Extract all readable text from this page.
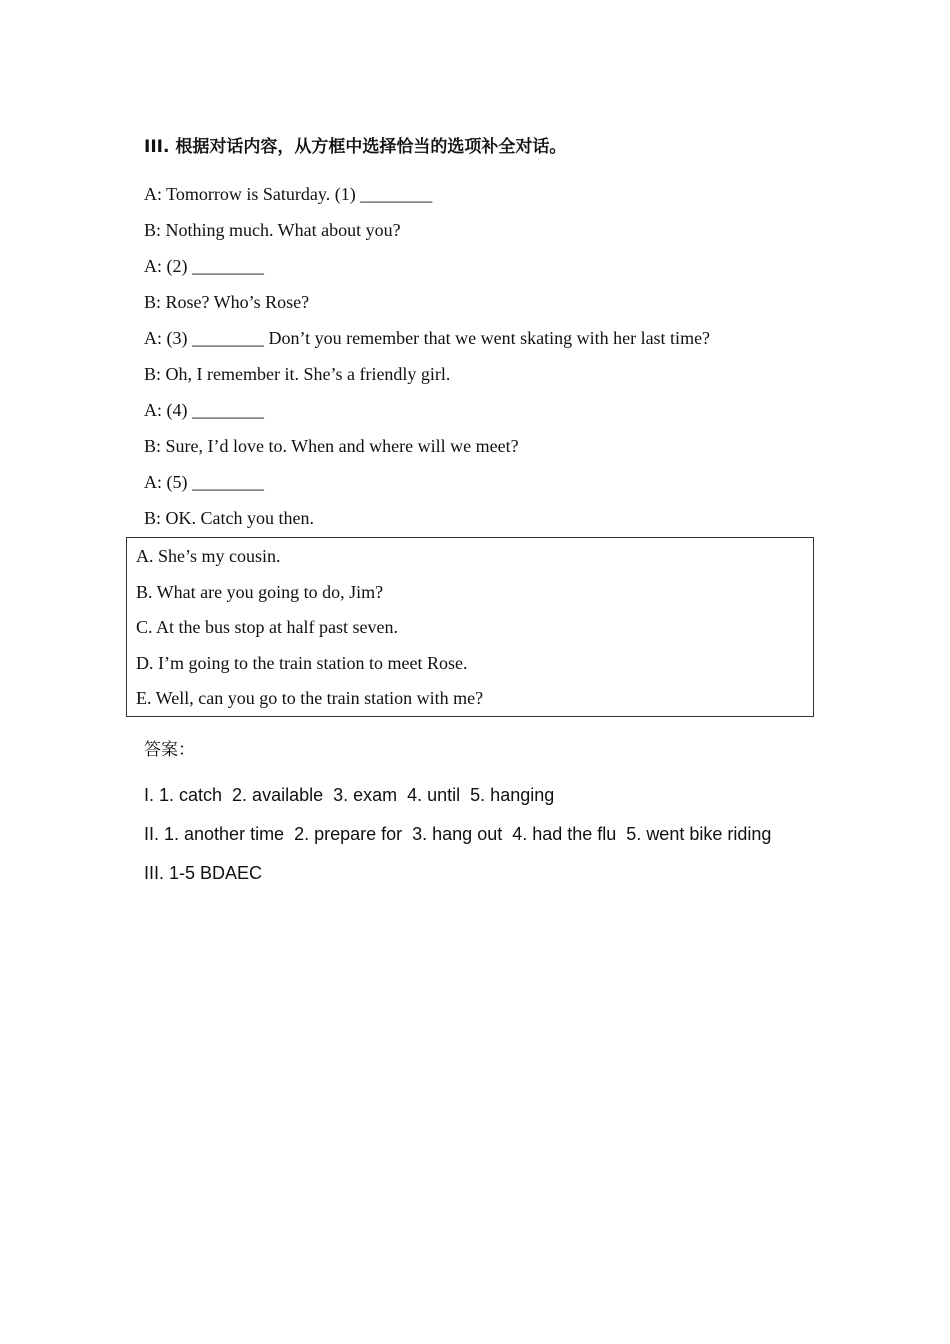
III. 根据对话内容，从方框中选择恰当的选项补全对话。
A: Tomorrow is Saturday. (1) ________
B: Nothing much. What about you?
A: (2) ________
B: Rose? Who’s Rose?
A: (3) ________ Don’t you remember that we went skating with her last time?
B: Oh, I remember it. She’s a friendly girl.
A: (4) ________
B: Sure, I’d love to. When and where will we meet?
A: (5) ________
B: OK. Catch you then.
A. She’s my cousin.
B. What are you going to do, Jim?
C. At the bus stop at half past seven.
D. I’m going to the train station to meet Rose.
E. Well, can you go to the train station with me?
答案：
I. 1. catch  2. available  3. exam  4. until  5. hanging
II. 1. another time  2. prepare for  3. hang out  4. had the flu  5. went bike riding
III. 1-5 BDAEC
